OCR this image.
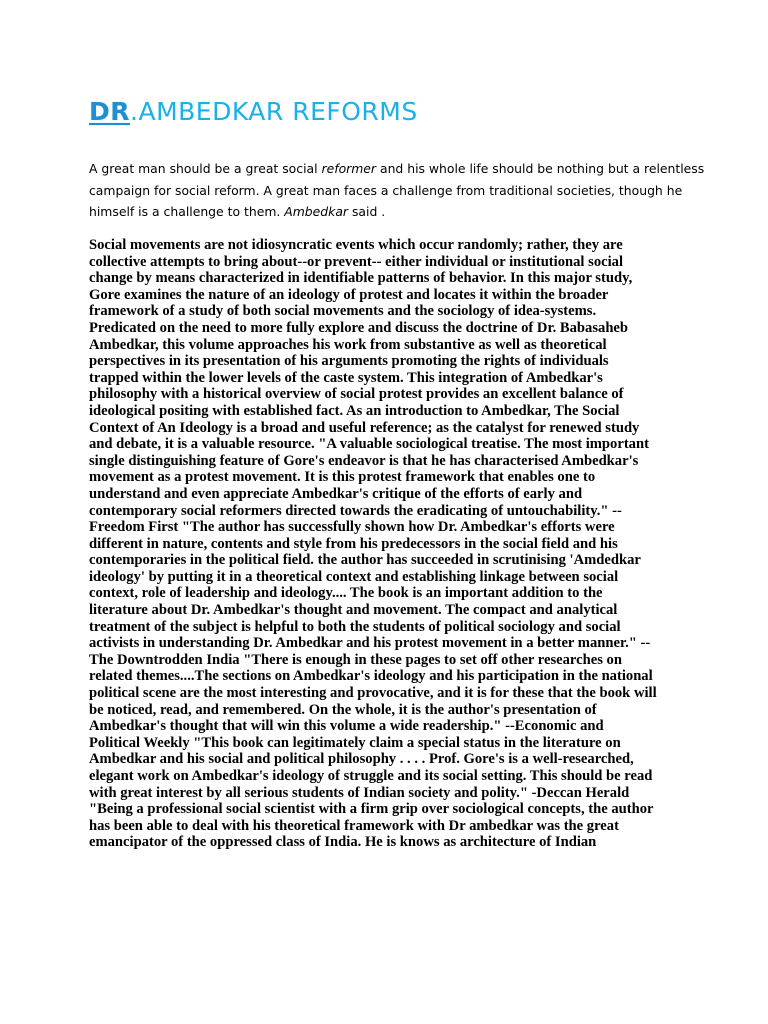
DR.AMBEDKAR REFORMS

A great man should be a great social reformer and his whole life should be nothing but a relentless campaign for social reform. A great man faces a challenge from traditional societies, though he himself is a challenge to them. Ambedkar said .

Social movements are not idiosyncratic events which occur randomly; rather, they are
collective attempts to bring about--or prevent-- either individual or institutional social
change by means characterized in identifiable patterns of behavior. In this major study,
Gore examines the nature of an ideology of protest and locates it within the broader
framework of a study of both social movements and the sociology of idea-systems.
Predicated on the need to more fully explore and discuss the doctrine of Dr. Babasaheb
Ambedkar, this volume approaches his work from substantive as well as theoretical
perspectives in its presentation of his arguments promoting the rights of individuals
trapped within the lower levels of the caste system. This integration of Ambedkar's
philosophy with a historical overview of social protest provides an excellent balance of
ideological positing with established fact. As an introduction to Ambedkar, The Social
Context of An Ideology is a broad and useful reference; as the catalyst for renewed study
and debate, it is a valuable resource. "A valuable sociological treatise. The most important
single distinguishing feature of Gore's endeavor is that he has characterised Ambedkar's
movement as a protest movement. It is this protest framework that enables one to
understand and even appreciate Ambedkar's critique of the efforts of early and
contemporary social reformers directed towards the eradicating of untouchability." --
Freedom First "The author has successfully shown how Dr. Ambedkar's efforts were
different in nature, contents and style from his predecessors in the social field and his
contemporaries in the political field. the author has succeeded in scrutinising 'Amdedkar
ideology' by putting it in a theoretical context and establishing linkage between social
context, role of leadership and ideology.... The book is an important addition to the
literature about Dr. Ambedkar's thought and movement. The compact and analytical
treatment of the subject is helpful to both the students of political sociology and social
activists in understanding Dr. Ambedkar and his protest movement in a better manner." --
The Downtrodden India "There is enough in these pages to set off other researches on
related themes....The sections on Ambedkar's ideology and his participation in the national
political scene are the most interesting and provocative, and it is for these that the book will
be noticed, read, and remembered. On the whole, it is the author's presentation of
Ambedkar's thought that will win this volume a wide readership." --Economic and
Political Weekly "This book can legitimately claim a special status in the literature on
Ambedkar and his social and political philosophy . . . . Prof. Gore's is a well-researched,
elegant work on Ambedkar's ideology of struggle and its social setting. This should be read
with great interest by all serious students of Indian society and polity." -Deccan Herald
"Being a professional social scientist with a firm grip over sociological concepts, the author
has been able to deal with his theoretical framework with Dr ambedkar was the great
emancipator of the oppressed class of India. He is knows as architecture of Indian
